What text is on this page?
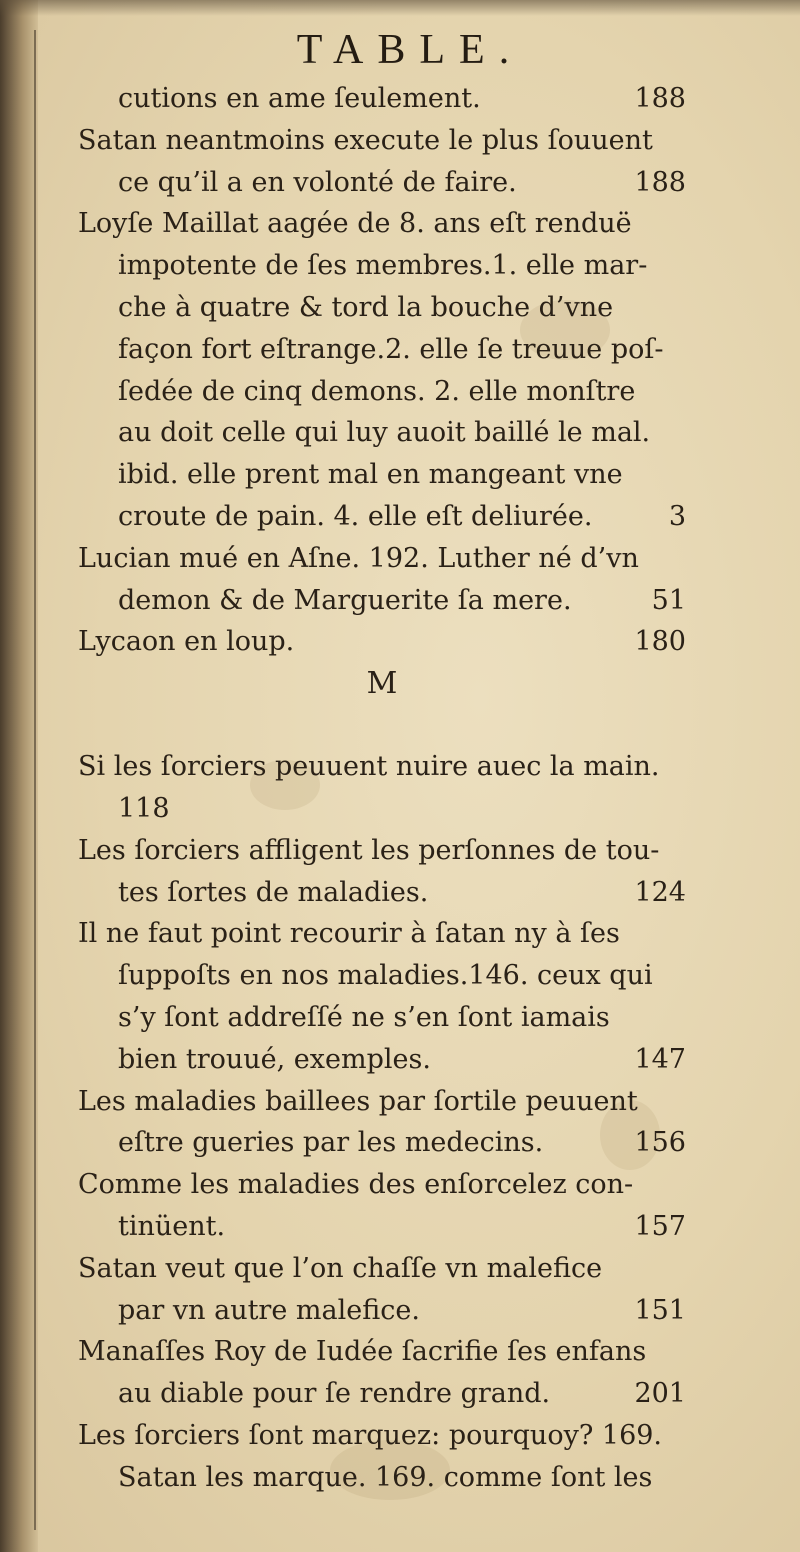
TABLE.
cutions en ame ſeulement.	188
Satan neantmoins execute le plus ſouuent
ce qu’il a en volonté de faire.	188
Loyſe Maillat aagée de 8. ans eſt renduë
impotente de ſes membres.1. elle mar-
che à quatre & tord la bouche d’vne
façon fort eſtrange.2. elle ſe treuue poſ-
ſedée de cinq demons. 2. elle monſtre
au doit celle qui luy auoit baillé le mal.
ibid. elle prent mal en mangeant vne
croute de pain. 4. elle eſt deliurée.	3
Lucian mué en Aſne. 192. Luther né d’vn
demon & de Marguerite ſa mere.	51
Lycaon en loup.	180
M
Si les ſorciers peuuent nuire auec la main.
118
Les ſorciers affligent les perſonnes de tou-
tes ſortes de maladies.	124
Il ne faut point recourir à ſatan ny à ſes
ſuppoſts en nos maladies.146. ceux qui
s’y ſont addreſſé ne s’en ſont iamais
bien trouué, exemples.	147
Les maladies baillees par ſortile peuuent
eſtre gueries par les medecins.	156
Comme les maladies des enſorcelez con-
tinüent.	157
Satan veut que l’on chaſſe vn malefice
par vn autre malefice.	151
Manaſſes Roy de Iudée ſacrifie ſes enfans
au diable pour ſe rendre grand.	201
Les ſorciers ſont marquez: pourquoy? 169.
Satan les marque. 169. comme ſont les
